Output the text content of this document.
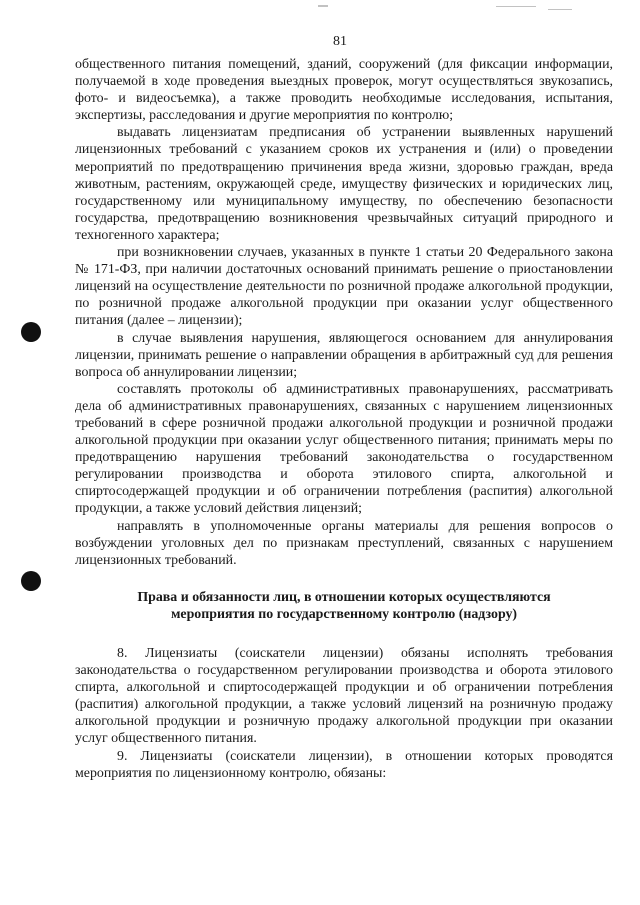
81

общественного питания помещений, зданий, сооружений (для фиксации информации, получаемой в ходе проведения выездных проверок, могут осуществляться звукозапись, фото- и видеосъемка), а также проводить необходимые исследования, испытания, экспертизы, расследования и другие мероприятия по контролю;

выдавать лицензиатам предписания об устранении выявленных нарушений лицензионных требований с указанием сроков их устранения и (или) о проведении мероприятий по предотвращению причинения вреда жизни, здоровью граждан, вреда животным, растениям, окружающей среде, имуществу физических и юридических лиц, государственному или муниципальному имуществу, по обеспечению безопасности государства, предотвращению возникновения чрезвычайных ситуаций природного и техногенного характера;

при возникновении случаев, указанных в пункте 1 статьи 20 Федерального закона № 171-ФЗ, при наличии достаточных оснований принимать решение о приостановлении лицензий на осуществление деятельности по розничной продаже алкогольной продукции, по розничной продаже алкогольной продукции при оказании услуг общественного питания (далее – лицензии);

в случае выявления нарушения, являющегося основанием для аннулирования лицензии, принимать решение о направлении обращения в арбитражный суд для решения вопроса об аннулировании лицензии;

составлять протоколы об административных правонарушениях, рассматривать дела об административных правонарушениях, связанных с нарушением лицензионных требований в сфере розничной продажи алкогольной продукции и розничной продажи алкогольной продукции при оказании услуг общественного питания; принимать меры по предотвращению нарушения требований законодательства о государственном регулировании производства и оборота этилового спирта, алкогольной и спиртосодержащей продукции и об ограничении потребления (распития) алкогольной продукции, а также условий действия лицензий;

направлять в уполномоченные органы материалы для решения вопросов о возбуждении уголовных дел по признакам преступлений, связанных с нарушением лицензионных требований.

Права и обязанности лиц, в отношении которых осуществляются
мероприятия по государственному контролю (надзору)

8. Лицензиаты (соискатели лицензии) обязаны исполнять требования законодательства о государственном регулировании производства и оборота этилового спирта, алкогольной и спиртосодержащей продукции и об ограничении потребления (распития) алкогольной продукции, а также условий лицензий на розничную продажу алкогольной продукции и розничную продажу алкогольной продукции при оказании услуг общественного питания.

9. Лицензиаты (соискатели лицензии), в отношении которых проводятся мероприятия по лицензионному контролю, обязаны:
